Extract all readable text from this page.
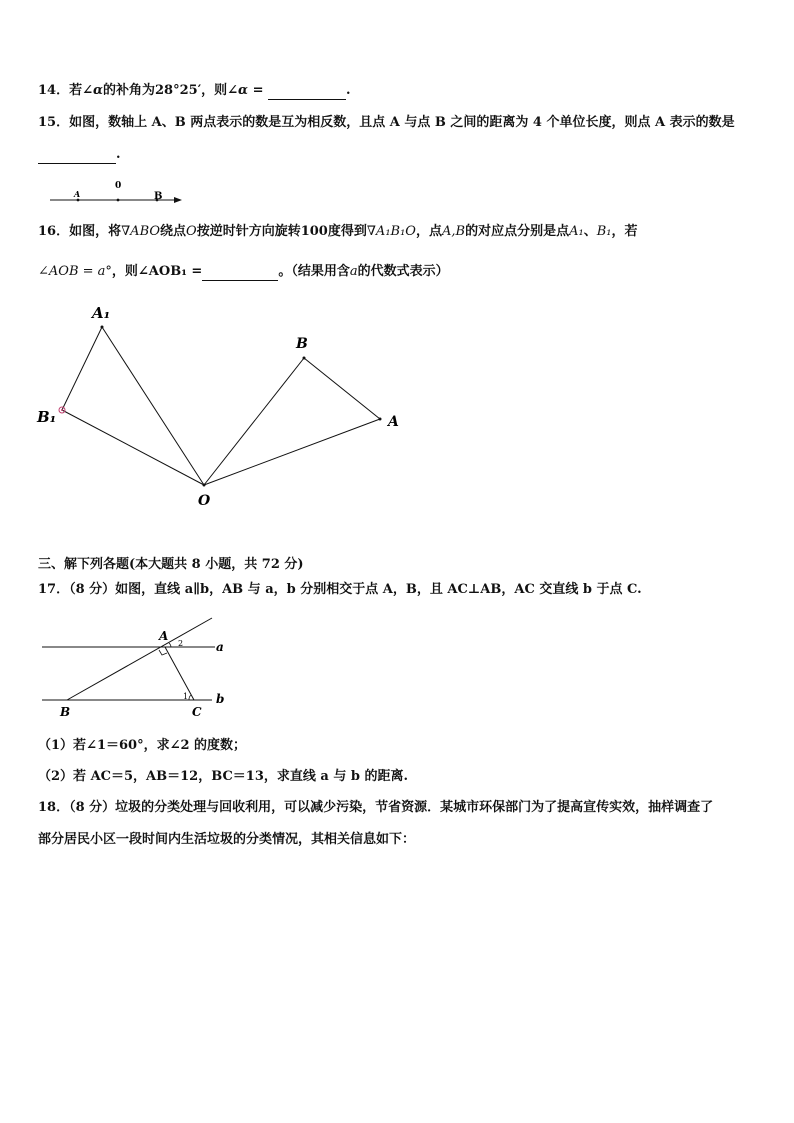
14．若∠α的补角为28°25′，则∠α =	.
15．如图，数轴上 A、B 两点表示的数是互为相反数，且点 A 与点 B 之间的距离为 4 个单位长度，则点 A 表示的数是
.
A
0
B
16．如图，将∇ABO绕点O按逆时针方向旋转100度得到∇A₁B₁O，点A,B的对应点分别是点A₁、B₁，若
∠AOB = a°，则∠AOB₁ =	。（结果用含a的代数式表示）
A₁
B₁
B
A
O
三、解下列各题(本大题共 8 小题，共 72 分)
17．（8 分）如图，直线 a∥b，AB 与 a，b 分别相交于点 A，B，且 AC⊥AB，AC 交直线 b 于点 C.
A
2	a
b
B	C
1
（1）若∠1＝60°，求∠2 的度数；
（2）若 AC＝5，AB＝12，BC＝13，求直线 a 与 b 的距离.
18．（8 分）垃圾的分类处理与回收利用，可以减少污染，节省资源．某城市环保部门为了提高宣传实效，抽样调查了
部分居民小区一段时间内生活垃圾的分类情况，其相关信息如下：
